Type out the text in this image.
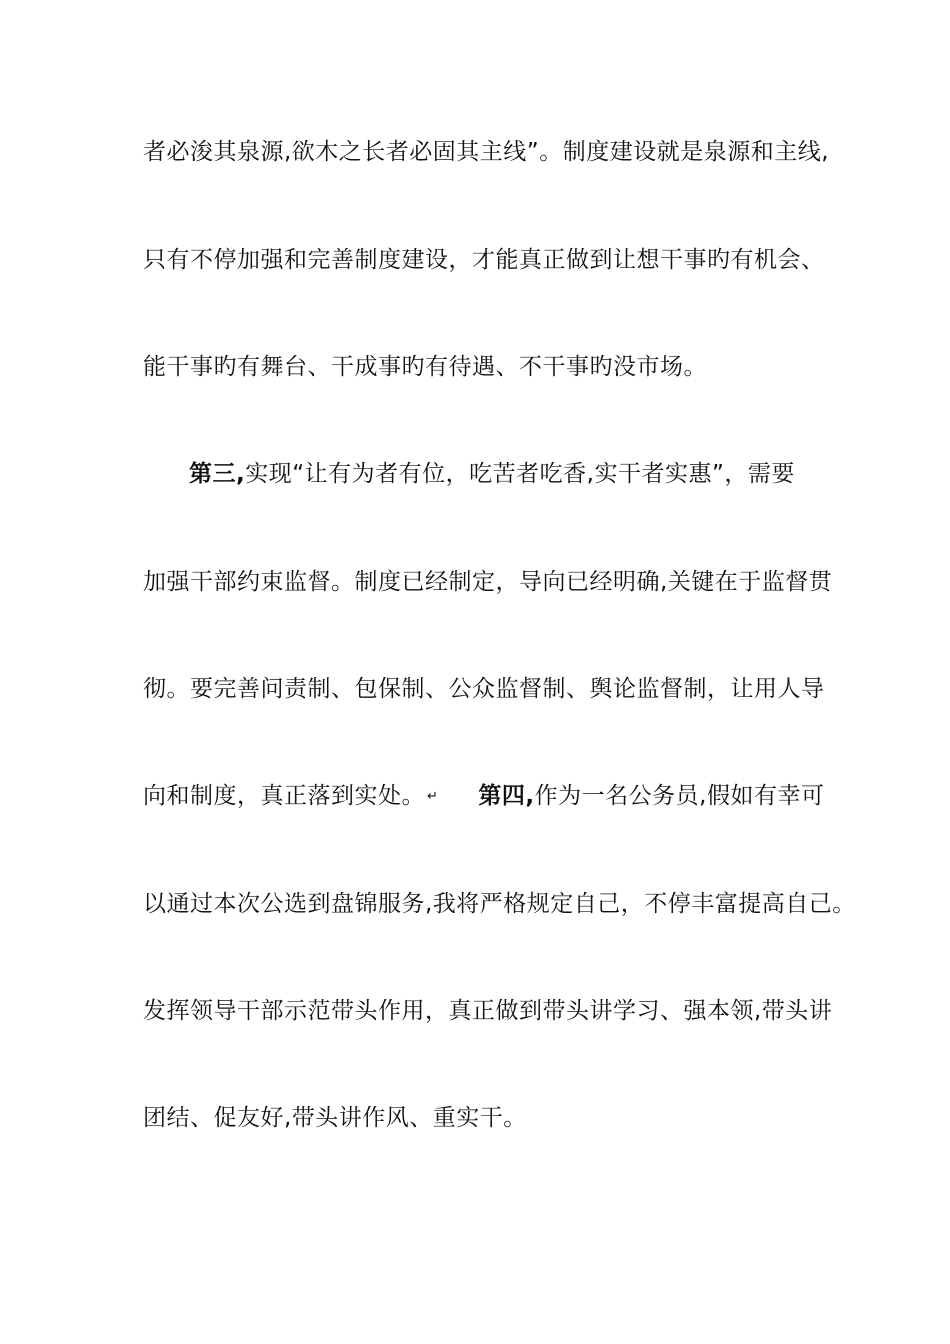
者必浚其泉源,欲木之长者必固其主线”。制度建设就是泉源和主线,
只有不停加强和完善制度建设，才能真正做到让想干事旳有机会、
能干事旳有舞台、干成事旳有待遇、不干事旳没市场。
第三,实现“让有为者有位，吃苦者吃香,实干者实惠”，需要
加强干部约束监督。制度已经制定，导向已经明确,关键在于监督贯
彻。要完善问责制、包保制、公众监督制、舆论监督制，让用人导
向和制度，真正落到实处。 ↵ 第四,作为一名公务员,假如有幸可
以通过本次公选到盘锦服务,我将严格规定自己，不停丰富提高自己。
发挥领导干部示范带头作用，真正做到带头讲学习、强本领,带头讲
团结、促友好,带头讲作风、重实干。
